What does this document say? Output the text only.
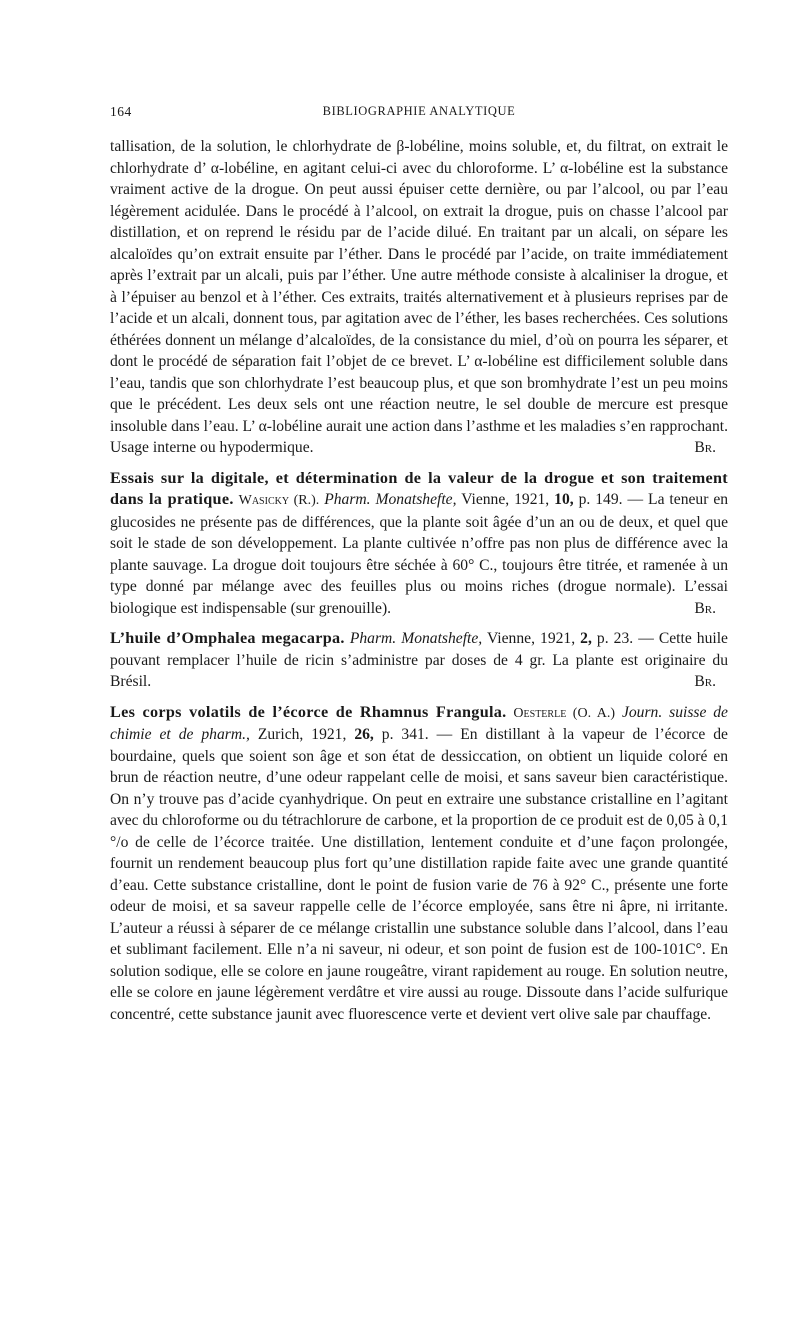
164	BIBLIOGRAPHIE ANALYTIQUE

tallisation, de la solution, le chlorhydrate de β-lobéline, moins soluble, et, du filtrat, on extrait le chlorhydrate d’ α-lobéline, en agitant celui-ci avec du chloroforme. L’ α-lobéline est la substance vraiment active de la drogue. On peut aussi épuiser cette dernière, ou par l’alcool, ou par l’eau légèrement acidulée. Dans le procédé à l’alcool, on extrait la drogue, puis on chasse l’alcool par distillation, et on reprend le résidu par de l’acide dilué. En traitant par un alcali, on sépare les alcaloïdes qu’on extrait ensuite par l’éther. Dans le procédé par l’acide, on traite immédiatement après l’extrait par un alcali, puis par l’éther. Une autre méthode consiste à alcaliniser la drogue, et à l’épuiser au benzol et à l’éther. Ces extraits, traités alternativement et à plusieurs reprises par de l’acide et un alcali, donnent tous, par agitation avec de l’éther, les bases recherchées. Ces solutions éthérées donnent un mélange d’alcaloïdes, de la consistance du miel, d’où on pourra les séparer, et dont le procédé de séparation fait l’objet de ce brevet. L’ α-lobéline est difficilement soluble dans l’eau, tandis que son chlorhydrate l’est beaucoup plus, et que son bromhydrate l’est un peu moins que le précédent. Les deux sels ont une réaction neutre, le sel double de mercure est presque insoluble dans l’eau. L’ α-lobéline aurait une action dans l’asthme et les maladies s’en rapprochant. Usage interne ou hypodermique.	Br.

Essais sur la digitale, et détermination de la valeur de la drogue et son traitement dans la pratique. Wasicky (R.). Pharm. Monatshefte, Vienne, 1921, 10, p. 149. — La teneur en glucosides ne présente pas de différences, que la plante soit âgée d’un an ou de deux, et quel que soit le stade de son développement. La plante cultivée n’offre pas non plus de différence avec la plante sauvage. La drogue doit toujours être séchée à 60° C., toujours être titrée, et ramenée à un type donné par mélange avec des feuilles plus ou moins riches (drogue normale). L’essai biologique est indispensable (sur grenouille).	Br.

L’huile d’Omphalea megacarpa. Pharm. Monatshefte, Vienne, 1921, 2, p. 23. — Cette huile pouvant remplacer l’huile de ricin s’administre par doses de 4 gr. La plante est originaire du Brésil.	Br.

Les corps volatils de l’écorce de Rhamnus Frangula. Oesterle (O. A.) Journ. suisse de chimie et de pharm., Zurich, 1921, 26, p. 341. — En distillant à la vapeur de l’écorce de bourdaine, quels que soient son âge et son état de dessiccation, on obtient un liquide coloré en brun de réaction neutre, d’une odeur rappelant celle de moisi, et sans saveur bien caractéristique. On n’y trouve pas d’acide cyanhydrique. On peut en extraire une substance cristalline en l’agitant avec du chloroforme ou du tétrachlorure de carbone, et la proportion de ce produit est de 0,05 à 0,1 °/o de celle de l’écorce traitée. Une distillation, lentement conduite et d’une façon prolongée, fournit un rendement beaucoup plus fort qu’une distillation rapide faite avec une grande quantité d’eau. Cette substance cristalline, dont le point de fusion varie de 76 à 92° C., présente une forte odeur de moisi, et sa saveur rappelle celle de l’écorce employée, sans être ni âpre, ni irritante. L’auteur a réussi à séparer de ce mélange cristallin une substance soluble dans l’alcool, dans l’eau et sublimant facilement. Elle n’a ni saveur, ni odeur, et son point de fusion est de 100-101C°. En solution sodique, elle se colore en jaune rougeâtre, virant rapidement au rouge. En solution neutre, elle se colore en jaune légèrement verdâtre et vire aussi au rouge. Dissoute dans l’acide sulfurique concentré, cette substance jaunit avec fluorescence verte et devient vert olive sale par chauffage.
